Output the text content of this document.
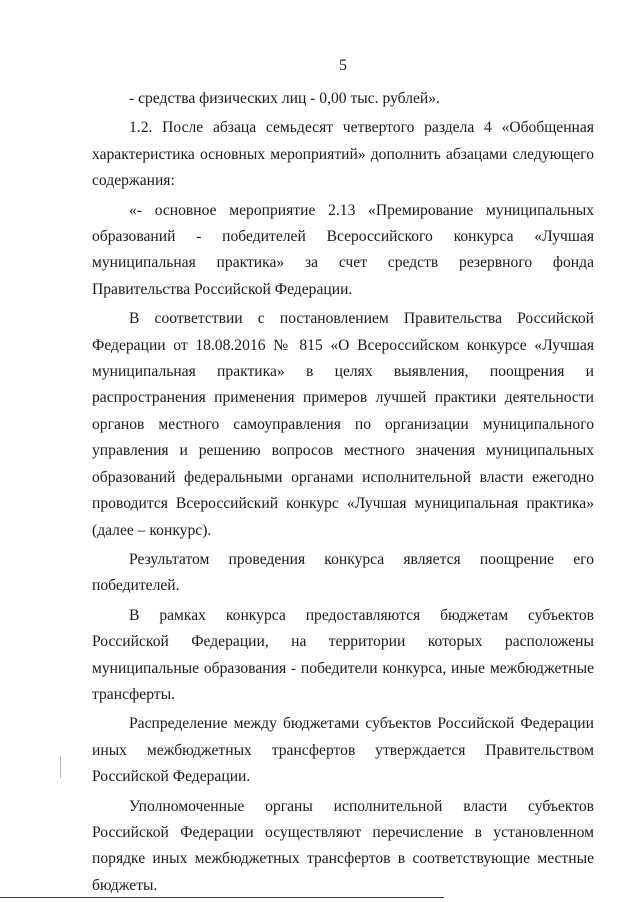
5

- средства физических лиц - 0,00 тыс. рублей».

1.2. После абзаца семьдесят четвертого раздела 4 «Обобщенная характеристика основных мероприятий» дополнить абзацами следующего содержания:

«- основное мероприятие 2.13 «Премирование муниципальных образований - победителей Всероссийского конкурса «Лучшая муниципальная практика» за счет средств резервного фонда Правительства Российской Федерации.

В соответствии с постановлением Правительства Российской Федерации от 18.08.2016 № 815 «О Всероссийском конкурсе «Лучшая муниципальная практика» в целях выявления, поощрения и распространения применения примеров лучшей практики деятельности органов местного самоуправления по организации муниципального управления и решению вопросов местного значения муниципальных образований федеральными органами исполнительной власти ежегодно проводится Всероссийский конкурс «Лучшая муниципальная практика» (далее – конкурс).

Результатом проведения конкурса является поощрение его победителей.

В рамках конкурса предоставляются бюджетам субъектов Российской Федерации, на территории которых расположены муниципальные образования - победители конкурса, иные межбюджетные трансферты.

Распределение между бюджетами субъектов Российской Федерации иных межбюджетных трансфертов утверждается Правительством Российской Федерации.

Уполномоченные органы исполнительной власти субъектов Российской Федерации осуществляют перечисление в установленном порядке иных межбюджетных трансфертов в соответствующие местные бюджеты.
